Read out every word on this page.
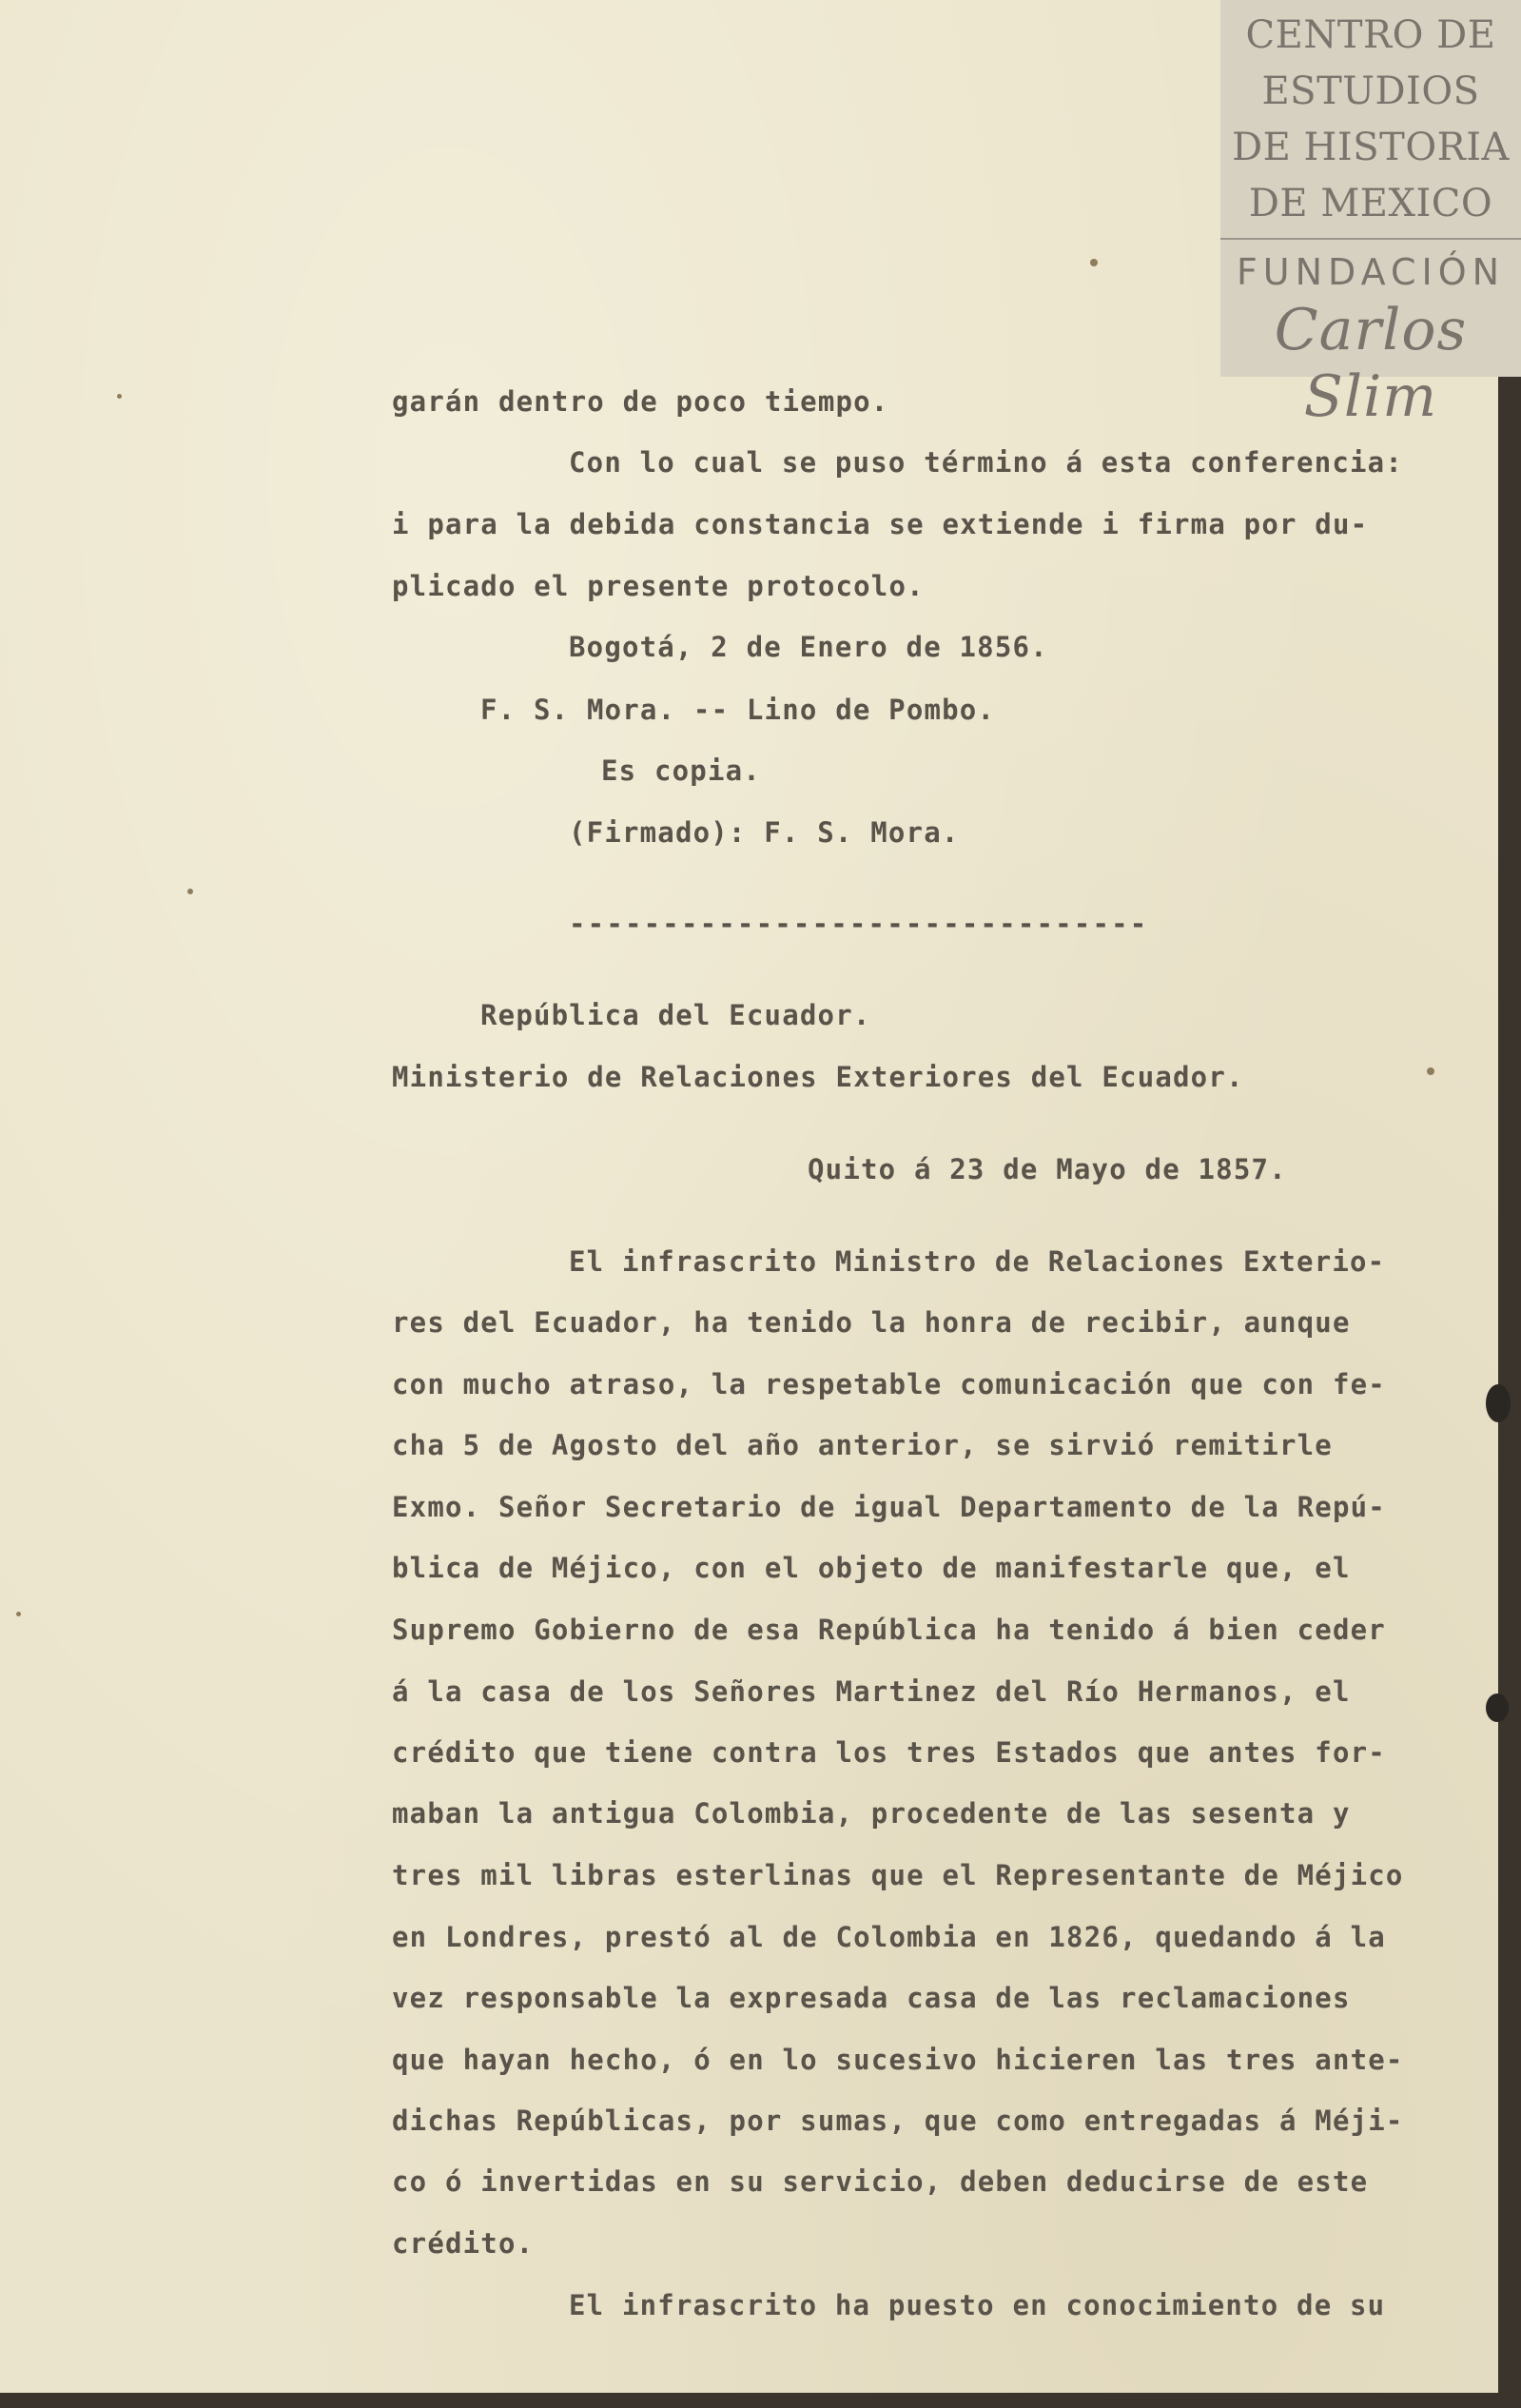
CENTRO DE
ESTUDIOS
DE HISTORIA
DE MEXICO
FUNDACIÓN
Carlos Slim
garán dentro de poco tiempo.
Con lo cual se puso término á esta conferencia:
i para la debida constancia se extiende i firma por du-
plicado el presente protocolo.
Bogotá, 2 de Enero de 1856.
F. S. Mora. -- Lino de Pombo.
Es copia.
(Firmado): F. S. Mora.
-------------------------------
República del Ecuador.
Ministerio de Relaciones Exteriores del Ecuador.
Quito á 23 de Mayo de 1857.
El infrascrito Ministro de Relaciones Exterio-
res del Ecuador, ha tenido la honra de recibir, aunque
con mucho atraso, la respetable comunicación que con fe-
cha 5 de Agosto del año anterior, se sirvió remitirle
Exmo. Señor Secretario de igual Departamento de la Repú-
blica de Méjico, con el objeto de manifestarle que, el
Supremo Gobierno de esa República ha tenido á bien ceder
á la casa de los Señores Martinez del Río Hermanos, el
crédito que tiene contra los tres Estados que antes for-
maban la antigua Colombia, procedente de las sesenta y
tres mil libras esterlinas que el Representante de Méjico
en Londres, prestó al de Colombia en 1826, quedando á la
vez responsable la expresada casa de las reclamaciones
que hayan hecho, ó en lo sucesivo hicieren las tres ante-
dichas Repúblicas, por sumas, que como entregadas á Méji-
co ó invertidas en su servicio, deben deducirse de este
crédito.
El infrascrito ha puesto en conocimiento de su
